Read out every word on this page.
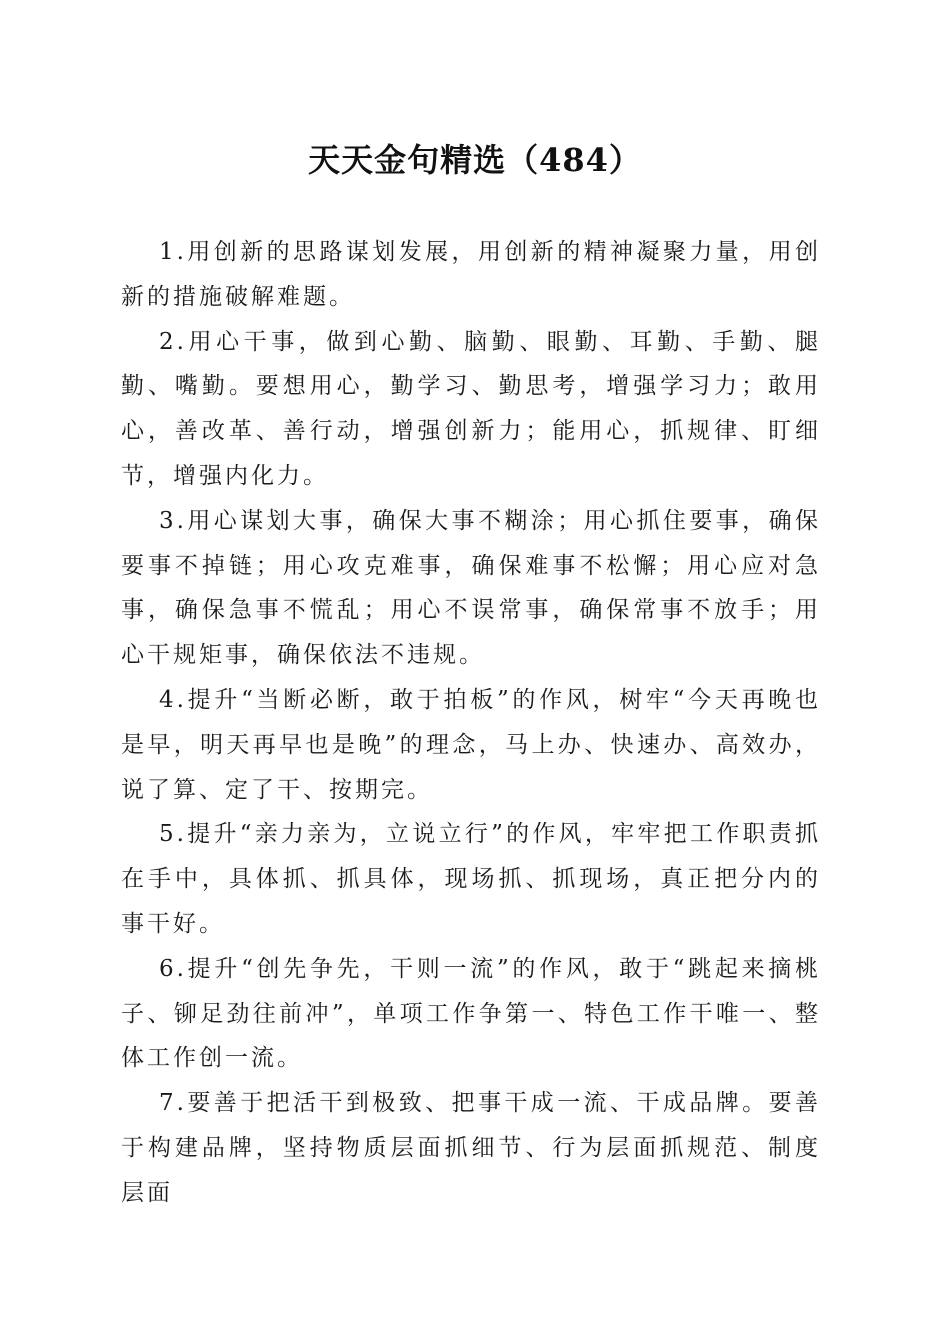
天天金句精选（484）

1.用创新的思路谋划发展，用创新的精神凝聚力量，用创新的措施破解难题。

2.用心干事，做到心勤、脑勤、眼勤、耳勤、手勤、腿勤、嘴勤。要想用心，勤学习、勤思考，增强学习力；敢用心，善改革、善行动，增强创新力；能用心，抓规律、盯细节，增强内化力。

3.用心谋划大事，确保大事不糊涂；用心抓住要事，确保要事不掉链；用心攻克难事，确保难事不松懈；用心应对急事，确保急事不慌乱；用心不误常事，确保常事不放手；用心干规矩事，确保依法不违规。

4.提升“当断必断，敢于拍板”的作风，树牢“今天再晚也是早，明天再早也是晚”的理念，马上办、快速办、高效办，说了算、定了干、按期完。

5.提升“亲力亲为，立说立行”的作风，牢牢把工作职责抓在手中，具体抓、抓具体，现场抓、抓现场，真正把分内的事干好。

6.提升“创先争先，干则一流”的作风，敢于“跳起来摘桃子、铆足劲往前冲”，单项工作争第一、特色工作干唯一、整体工作创一流。

7.要善于把活干到极致、把事干成一流、干成品牌。要善于构建品牌，坚持物质层面抓细节、行为层面抓规范、制度层面
